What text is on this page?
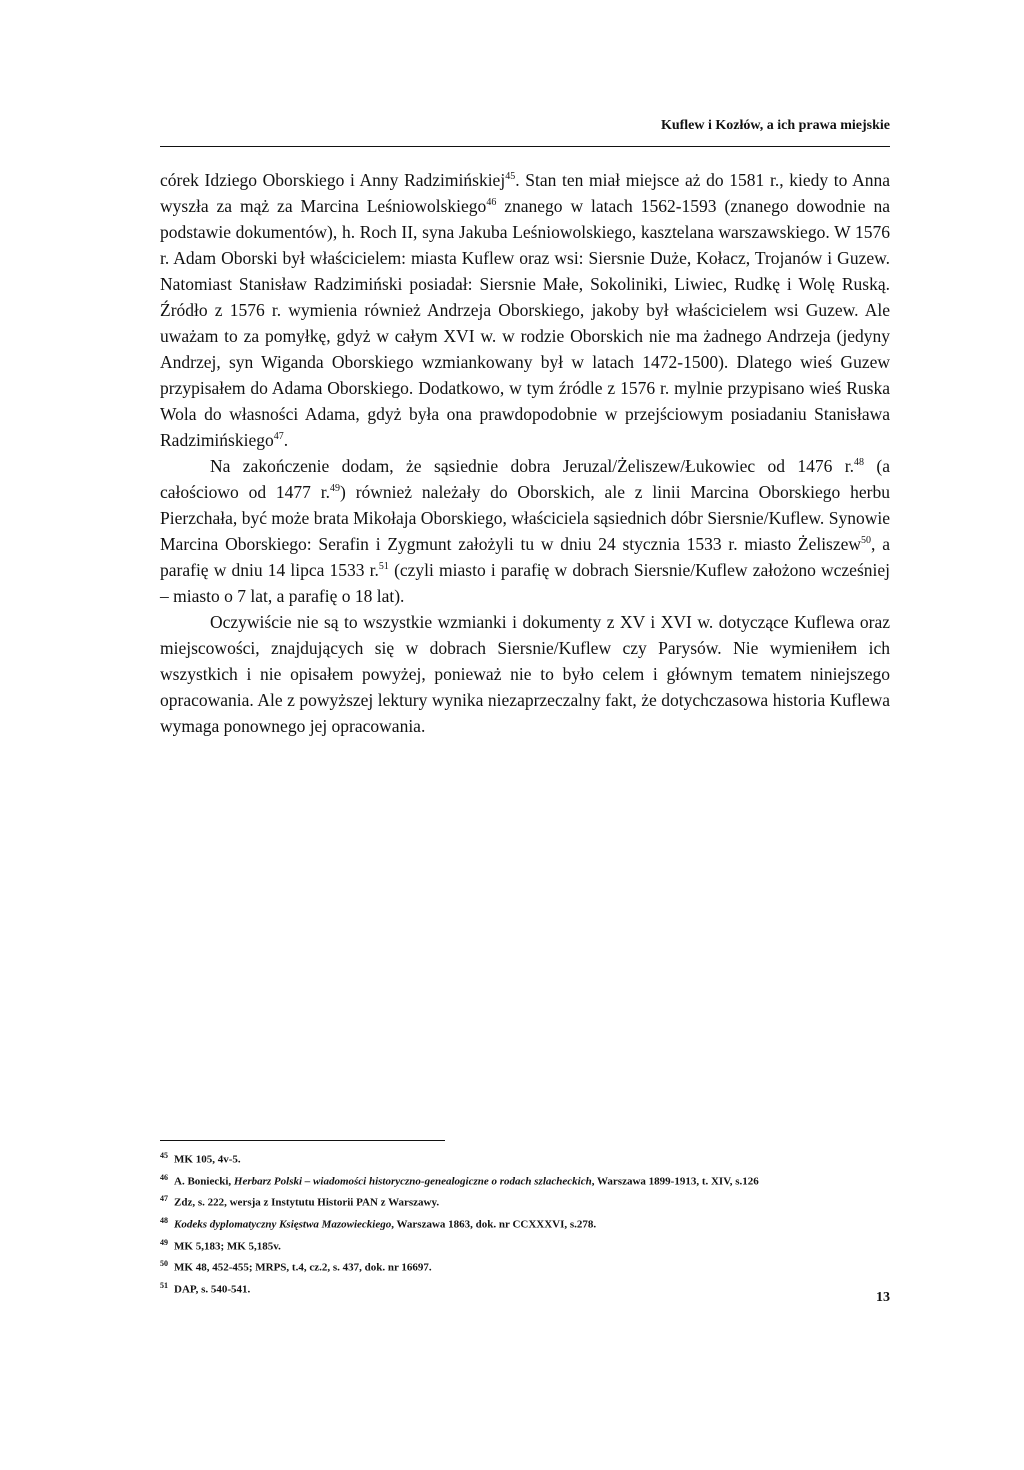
Kuflew i Kozłów, a ich prawa miejskie

córek Idziego Oborskiego i Anny Radzimińskiej$^{45}$. Stan ten miał miejsce aż do 1581 r., kiedy to Anna wyszła za mąż za Marcina Leśniowolskiego$^{46}$ znanego w latach 1562-1593 (znanego dowodnie na podstawie dokumentów), h. Roch II, syna Jakuba Leśniowolskiego, kasztelana warszawskiego. W 1576 r. Adam Oborski był właścicielem: miasta Kuflew oraz wsi: Siersnie Duże, Kołacz, Trojanów i Guzew. Natomiast Stanisław Radzimiński posiadał: Siersnie Małe, Sokoliniki, Liwiec, Rudkę i Wolę Ruską. Źródło z 1576 r. wymienia również Andrzeja Oborskiego, jakoby był właścicielem wsi Guzew. Ale uważam to za pomyłkę, gdyż w całym XVI w. w rodzie Oborskich nie ma żadnego Andrzeja (jedyny Andrzej, syn Wiganda Oborskiego wzmiankowany był w latach 1472-1500). Dlatego wieś Guzew przypisałem do Adama Oborskiego. Dodatkowo, w tym źródle z 1576 r. mylnie przypisano wieś Ruska Wola do własności Adama, gdyż była ona prawdopodobnie w przejściowym posiadaniu Stanisława Radzimińskiego$^{47}$.

Na zakończenie dodam, że sąsiednie dobra Jeruzal/Żeliszew/Łukowiec od 1476 r.$^{48}$ (a całościowo od 1477 r.$^{49}$) również należały do Oborskich, ale z linii Marcina Oborskiego herbu Pierzchała, być może brata Mikołaja Oborskiego, właściciela sąsiednich dóbr Siersnie/Kuflew. Synowie Marcina Oborskiego: Serafin i Zygmunt założyli tu w dniu 24 stycznia 1533 r. miasto Żeliszew$^{50}$, a parafię w dniu 14 lipca 1533 r.$^{51}$ (czyli miasto i parafię w dobrach Siersnie/Kuflew założono wcześniej – miasto o 7 lat, a parafię o 18 lat).

Oczywiście nie są to wszystkie wzmianki i dokumenty z XV i XVI w. dotyczące Kuflewa oraz miejscowości, znajdujących się w dobrach Siersnie/Kuflew czy Parysów. Nie wymieniłem ich wszystkich i nie opisałem powyżej, ponieważ nie to było celem i głównym tematem niniejszego opracowania. Ale z powyższej lektury wynika niezaprzeczalny fakt, że dotychczasowa historia Kuflewa wymaga ponownego jej opracowania.

45 MK 105, 4v-5.

46 A. Boniecki, Herbarz Polski – wiadomości historyczno-genealogiczne o rodach szlacheckich, Warszawa 1899-1913, t. XIV, s.126

47 Zdz, s. 222, wersja z Instytutu Historii PAN z Warszawy.

48 Kodeks dyplomatyczny Księstwa Mazowieckiego, Warszawa 1863, dok. nr CCXXXVI, s.278.

49 MK 5,183; MK 5,185v.

50 MK 48, 452-455; MRPS, t.4, cz.2, s. 437, dok. nr 16697.

51 DAP, s. 540-541.

13
